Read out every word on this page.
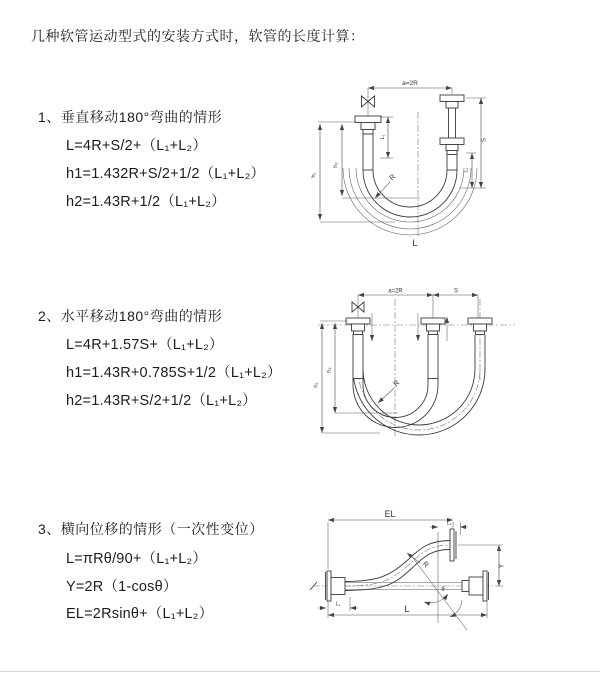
几种软管运动型式的安装方式时，软管的长度计算：
1、垂直移动180°弯曲的情形
L=4R+S/2+（L₁+L₂）
h1=1.432R+S/2+1/2（L₁+L₂）
h2=1.43R+1/2（L₁+L₂）
2、水平移动180°弯曲的情形
L=4R+1.57S+（L₁+L₂）
h1=1.43R+0.785S+1/2（L₁+L₂）
h2=1.43R+S/2+1/2（L₁+L₂）
3、横向位移的情形（一次性变位）
L=πRθ/90+（L₁+L₂）
Y=2R（1-cosθ）
EL=2Rsinθ+（L₁+L₂）
a=2R
h₁
h₂
L₁
S
L₂
R
L
a=2R	S
h₁
h₂
R
θ
EL
L₂
Y
L
L₁
R
